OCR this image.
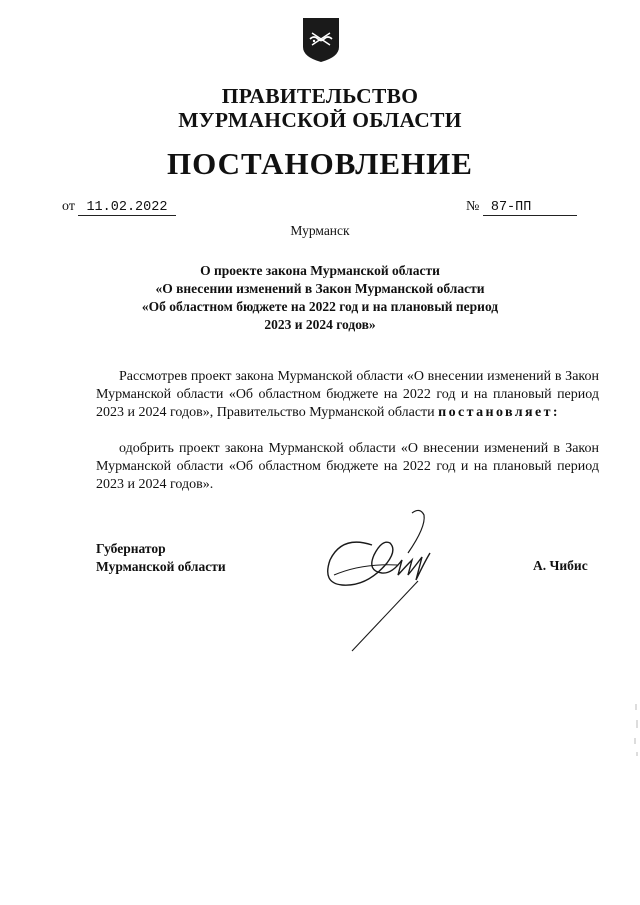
ПРАВИТЕЛЬСТВО
МУРМАНСКОЙ ОБЛАСТИ
ПОСТАНОВЛЕНИЕ
от 11.02.2022	№ 87-ПП
Мурманск
О проекте закона Мурманской области
«О внесении изменений в Закон Мурманской области
«Об областном бюджете на 2022 год и на плановый период
2023 и 2024 годов»
Рассмотрев проект закона Мурманской области «О внесении изменений в Закон Мурманской области «Об областном бюджете на 2022 год и на плановый период 2023 и 2024 годов», Правительство Мурманской области постановляет:
одобрить проект закона Мурманской области «О внесении изменений в Закон Мурманской области «Об областном бюджете на 2022 год и на плановый период 2023 и 2024 годов».
Губернатор
Мурманской области	А. Чибис
